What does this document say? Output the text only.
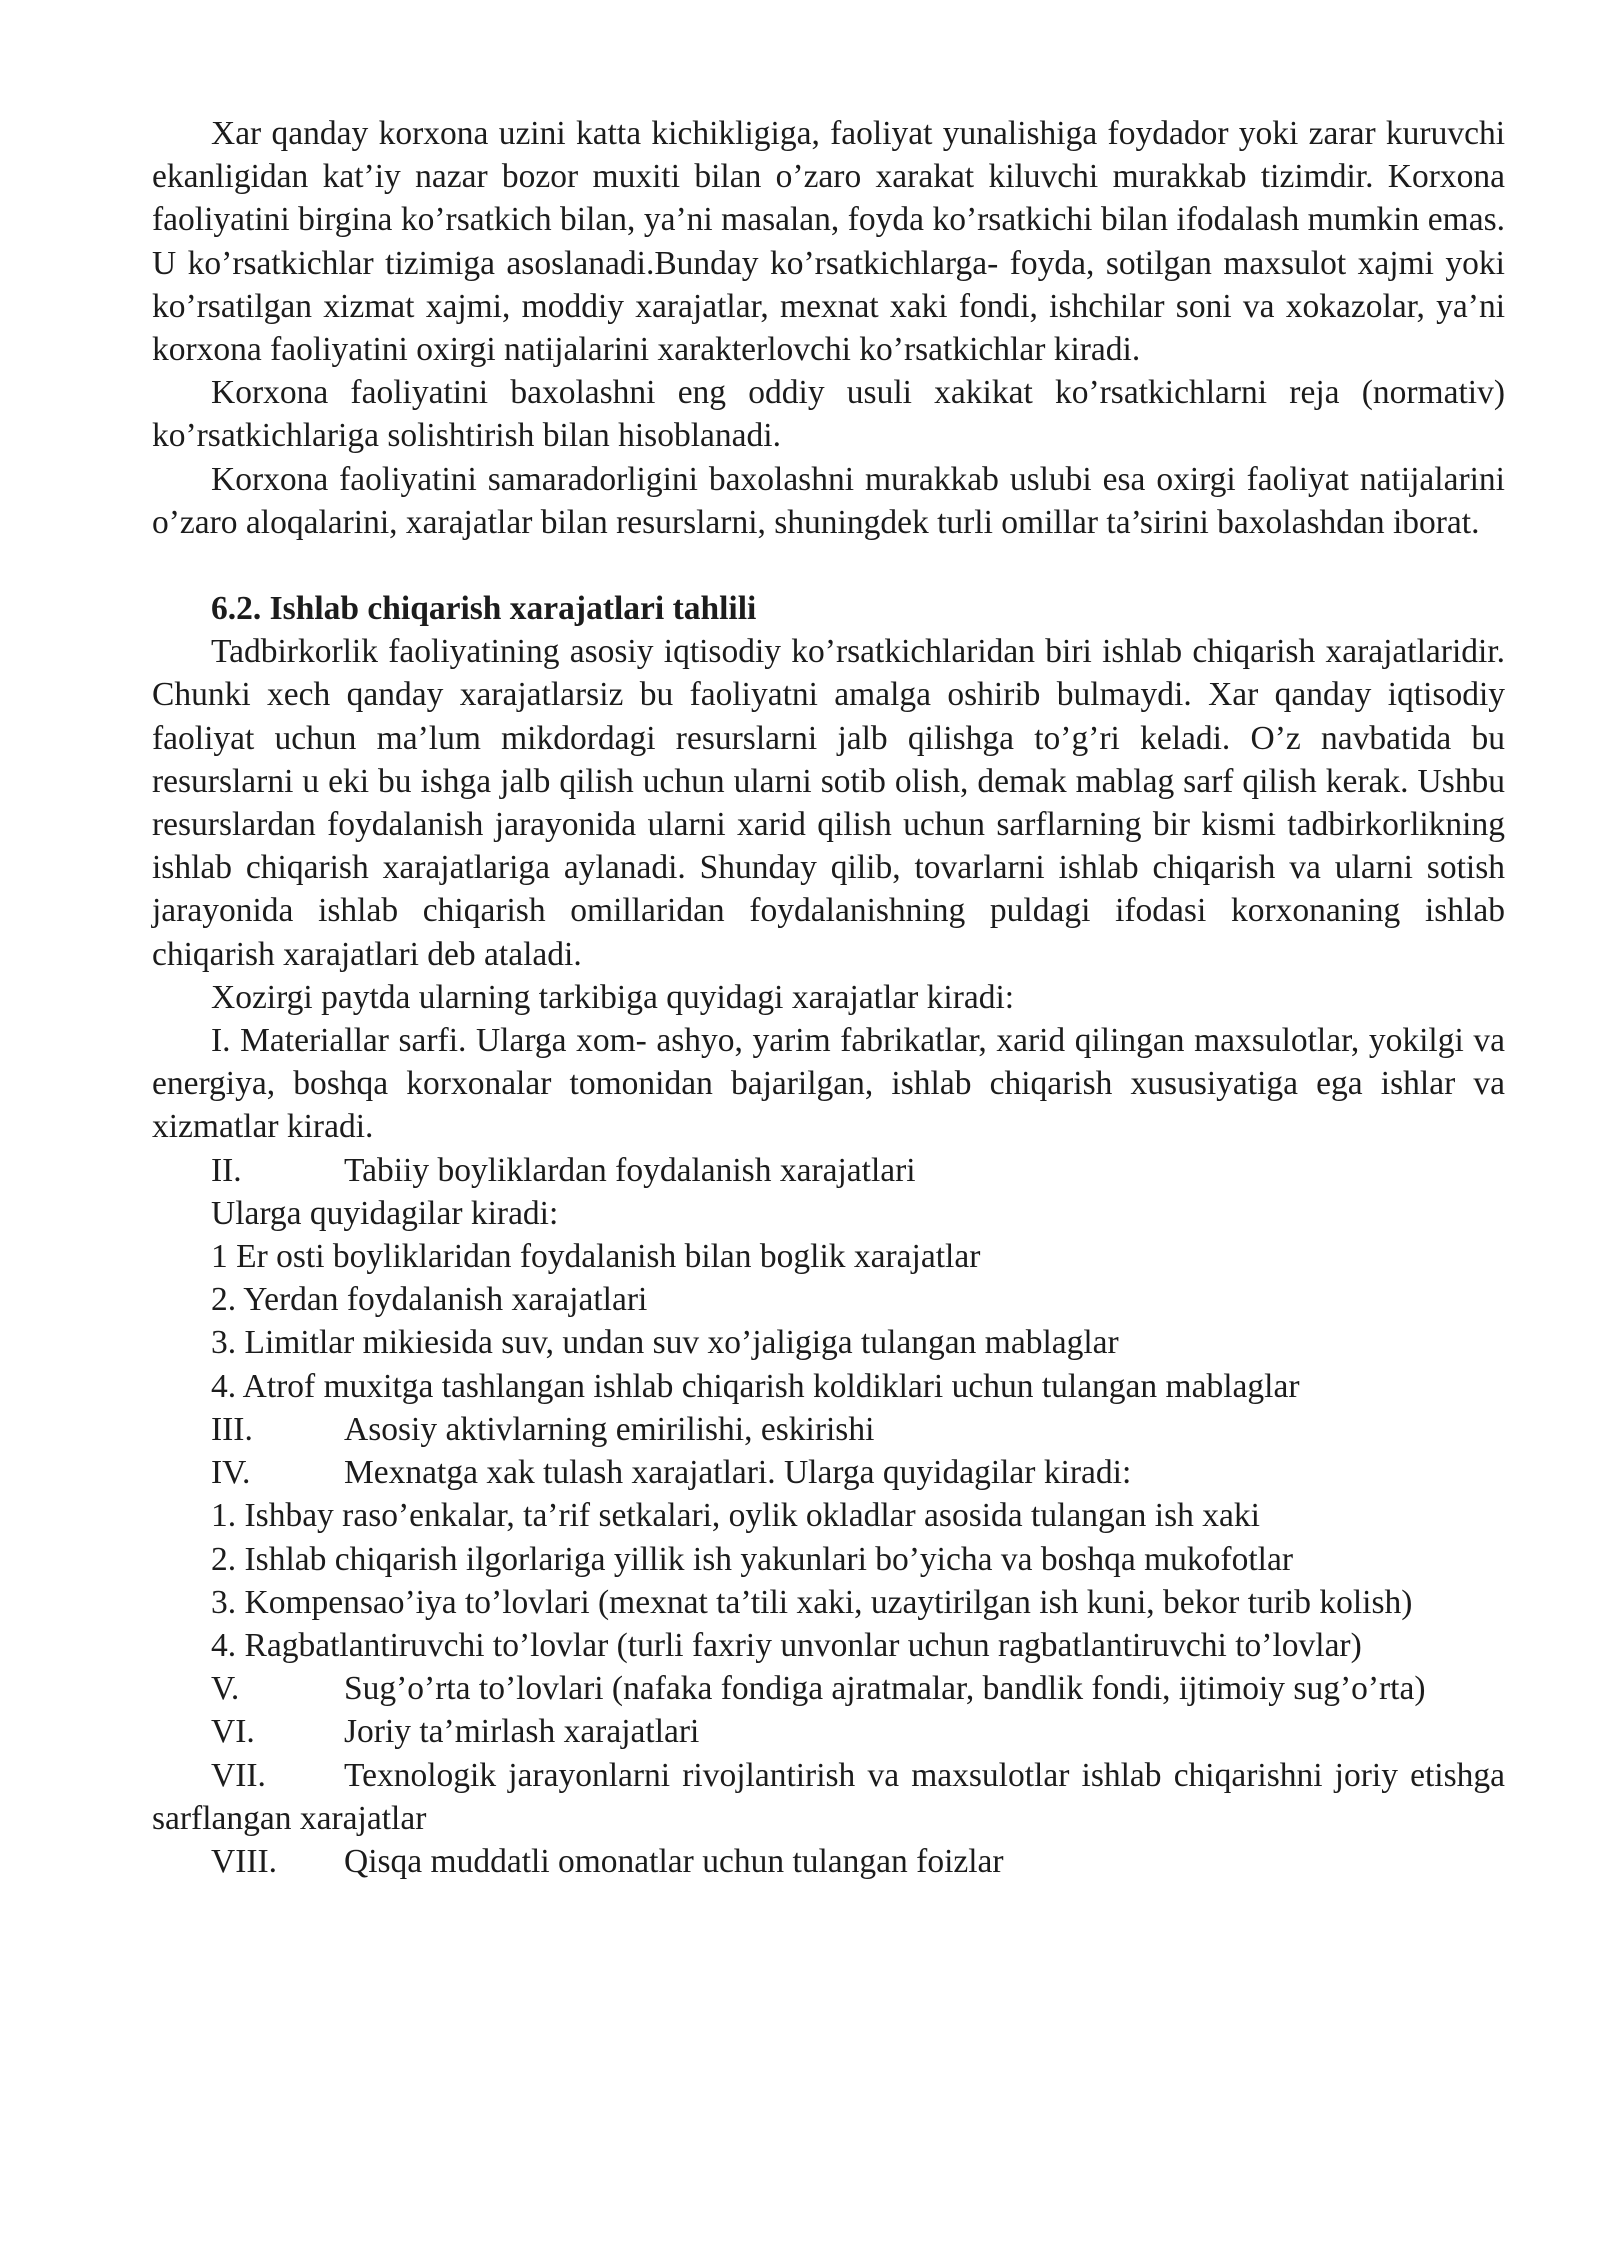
Xar qanday korxona uzini katta kichikligiga, faoliyat yunalishiga foydador yoki zarar kuruvchi ekanligidan kat’iy nazar bozor muxiti bilan o’zaro xarakat kiluvchi murakkab tizimdir. Korxona faoliyatini birgina ko’rsatkich bilan, ya’ni masalan, foyda ko’rsatkichi bilan ifodalash mumkin emas. U ko’rsatkichlar tizimiga asoslanadi.Bunday ko’rsatkichlarga- foyda, sotilgan maxsulot xajmi yoki ko’rsatilgan xizmat xajmi, moddiy xarajatlar, mexnat xaki fondi, ishchilar soni va xokazolar, ya’ni korxona faoliyatini oxirgi natijalarini xarakterlovchi ko’rsatkichlar kiradi.

Korxona faoliyatini baxolashni eng oddiy usuli xakikat ko’rsatkichlarni reja (normativ) ko’rsatkichlariga solishtirish bilan hisoblanadi.

Korxona faoliyatini samaradorligini baxolashni murakkab uslubi esa oxirgi faoliyat natijalarini o’zaro aloqalarini, xarajatlar bilan resurslarni, shuningdek turli omillar ta’sirini baxolashdan iborat.

6.2. Ishlab chiqarish xarajatlari tahlili

Tadbirkorlik faoliyatining asosiy iqtisodiy ko’rsatkichlaridan biri ishlab chiqarish xarajatlaridir. Chunki xech qanday xarajatlarsiz bu faoliyatni amalga oshirib bulmaydi. Xar qanday iqtisodiy faoliyat uchun ma’lum mikdordagi resurslarni jalb qilishga to’g’ri keladi. O’z navbatida bu resurslarni u eki bu ishga jalb qilish uchun ularni sotib olish, demak mablag sarf qilish kerak. Ushbu resurslardan foydalanish jarayonida ularni xarid qilish uchun sarflarning bir kismi tadbirkorlikning ishlab chiqarish xarajatlariga aylanadi. Shunday qilib, tovarlarni ishlab chiqarish va ularni sotish jarayonida ishlab chiqarish omillaridan foydalanishning puldagi ifodasi korxonaning ishlab chiqarish xarajatlari deb ataladi.

Xozirgi paytda ularning tarkibiga quyidagi xarajatlar kiradi:

I. Materiallar sarfi. Ularga xom- ashyo, yarim fabrikatlar, xarid qilingan maxsulotlar, yokilgi va energiya, boshqa korxonalar tomonidan bajarilgan, ishlab chiqarish xususiyatiga ega ishlar va xizmatlar kiradi.

II.	Tabiiy boyliklardan foydalanish xarajatlari

Ularga quyidagilar kiradi:

1 Er osti boyliklaridan foydalanish bilan boglik xarajatlar

2. Yerdan foydalanish xarajatlari

3. Limitlar mikiesida suv, undan suv xo’jaligiga tulangan mablaglar

4. Atrof muxitga tashlangan ishlab chiqarish koldiklari uchun tulangan mablaglar

III.	Asosiy aktivlarning emirilishi, eskirishi

IV.	Mexnatga xak tulash xarajatlari. Ularga quyidagilar kiradi:

1. Ishbay raso’enkalar, ta’rif setkalari, oylik okladlar asosida tulangan ish xaki

2. Ishlab chiqarish ilgorlariga yillik ish yakunlari bo’yicha va boshqa mukofotlar

3. Kompensao’iya to’lovlari (mexnat ta’tili xaki, uzaytirilgan ish kuni, bekor turib kolish)

4. Ragbatlantiruvchi to’lovlar (turli faxriy unvonlar uchun ragbatlantiruvchi to’lovlar)

V.	Sug’o’rta to’lovlari (nafaka fondiga ajratmalar, bandlik fondi, ijtimoiy sug’o’rta)

VI.	Joriy ta’mirlash xarajatlari

VII. Texnologik jarayonlarni rivojlantirish va maxsulotlar ishlab chiqarishni joriy etishga sarflangan xarajatlar

VIII. Qisqa muddatli omonatlar uchun tulangan foizlar
